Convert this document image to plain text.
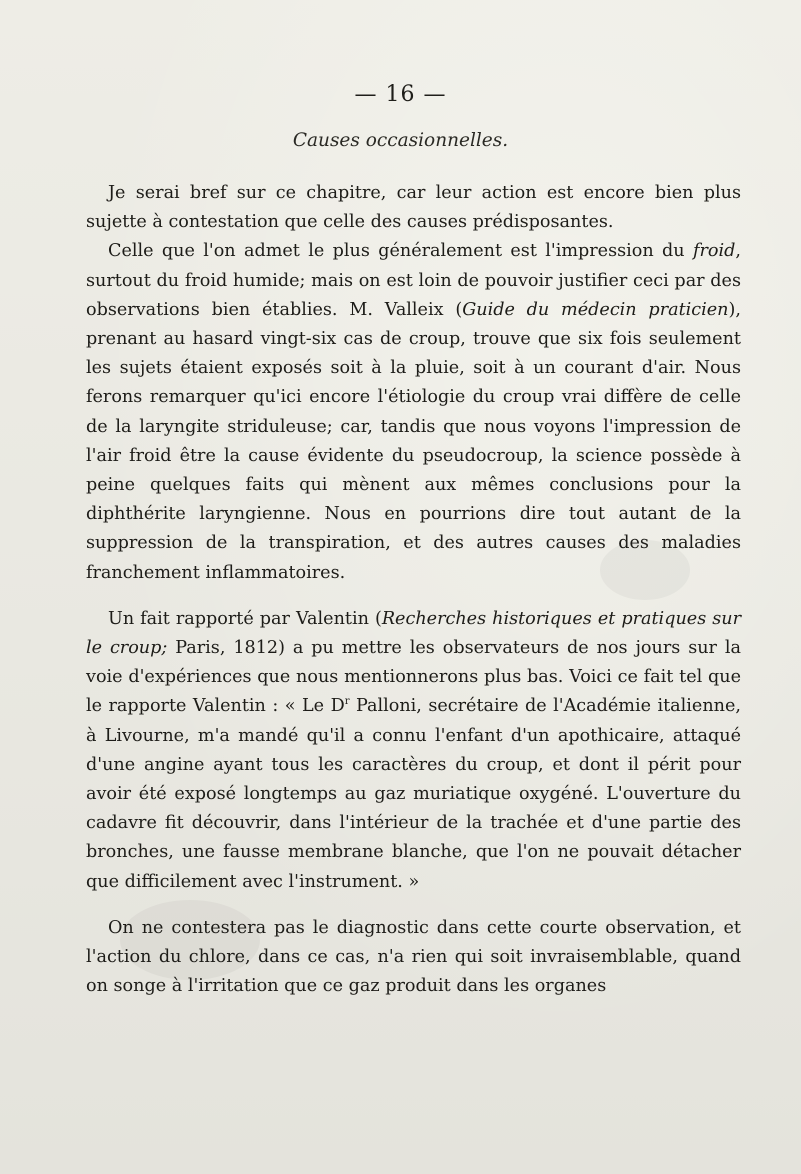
— 16 —
Causes occasionnelles.

Je serai bref sur ce chapitre, car leur action est encore bien plus sujette à contestation que celle des causes prédisposantes.

Celle que l'on admet le plus généralement est l'impression du froid, surtout du froid humide; mais on est loin de pouvoir justifier ceci par des observations bien établies. M. Valleix (Guide du médecin praticien), prenant au hasard vingt-six cas de croup, trouve que six fois seulement les sujets étaient exposés soit à la pluie, soit à un courant d'air. Nous ferons remarquer qu'ici encore l'étiologie du croup vrai diffère de celle de la laryngite striduleuse; car, tandis que nous voyons l'impression de l'air froid être la cause évidente du pseudocroup, la science possède à peine quelques faits qui mènent aux mêmes conclusions pour la diphthérite laryngienne. Nous en pourrions dire tout autant de la suppression de la transpiration, et des autres causes des maladies franchement inflammatoires.

Un fait rapporté par Valentin (Recherches historiques et pratiques sur le croup; Paris, 1812) a pu mettre les observateurs de nos jours sur la voie d'expériences que nous mentionnerons plus bas. Voici ce fait tel que le rapporte Valentin : « Le $D^r$ Palloni, secrétaire de l'Académie italienne, à Livourne, m'a mandé qu'il a connu l'enfant d'un apothicaire, attaqué d'une angine ayant tous les caractères du croup, et dont il périt pour avoir été exposé longtemps au gaz muriatique oxygéné. L'ouverture du cadavre fit découvrir, dans l'intérieur de la trachée et d'une partie des bronches, une fausse membrane blanche, que l'on ne pouvait détacher que difficilement avec l'instrument. »

On ne contestera pas le diagnostic dans cette courte observation, et l'action du chlore, dans ce cas, n'a rien qui soit invraisemblable, quand on songe à l'irritation que ce gaz produit dans les organes
